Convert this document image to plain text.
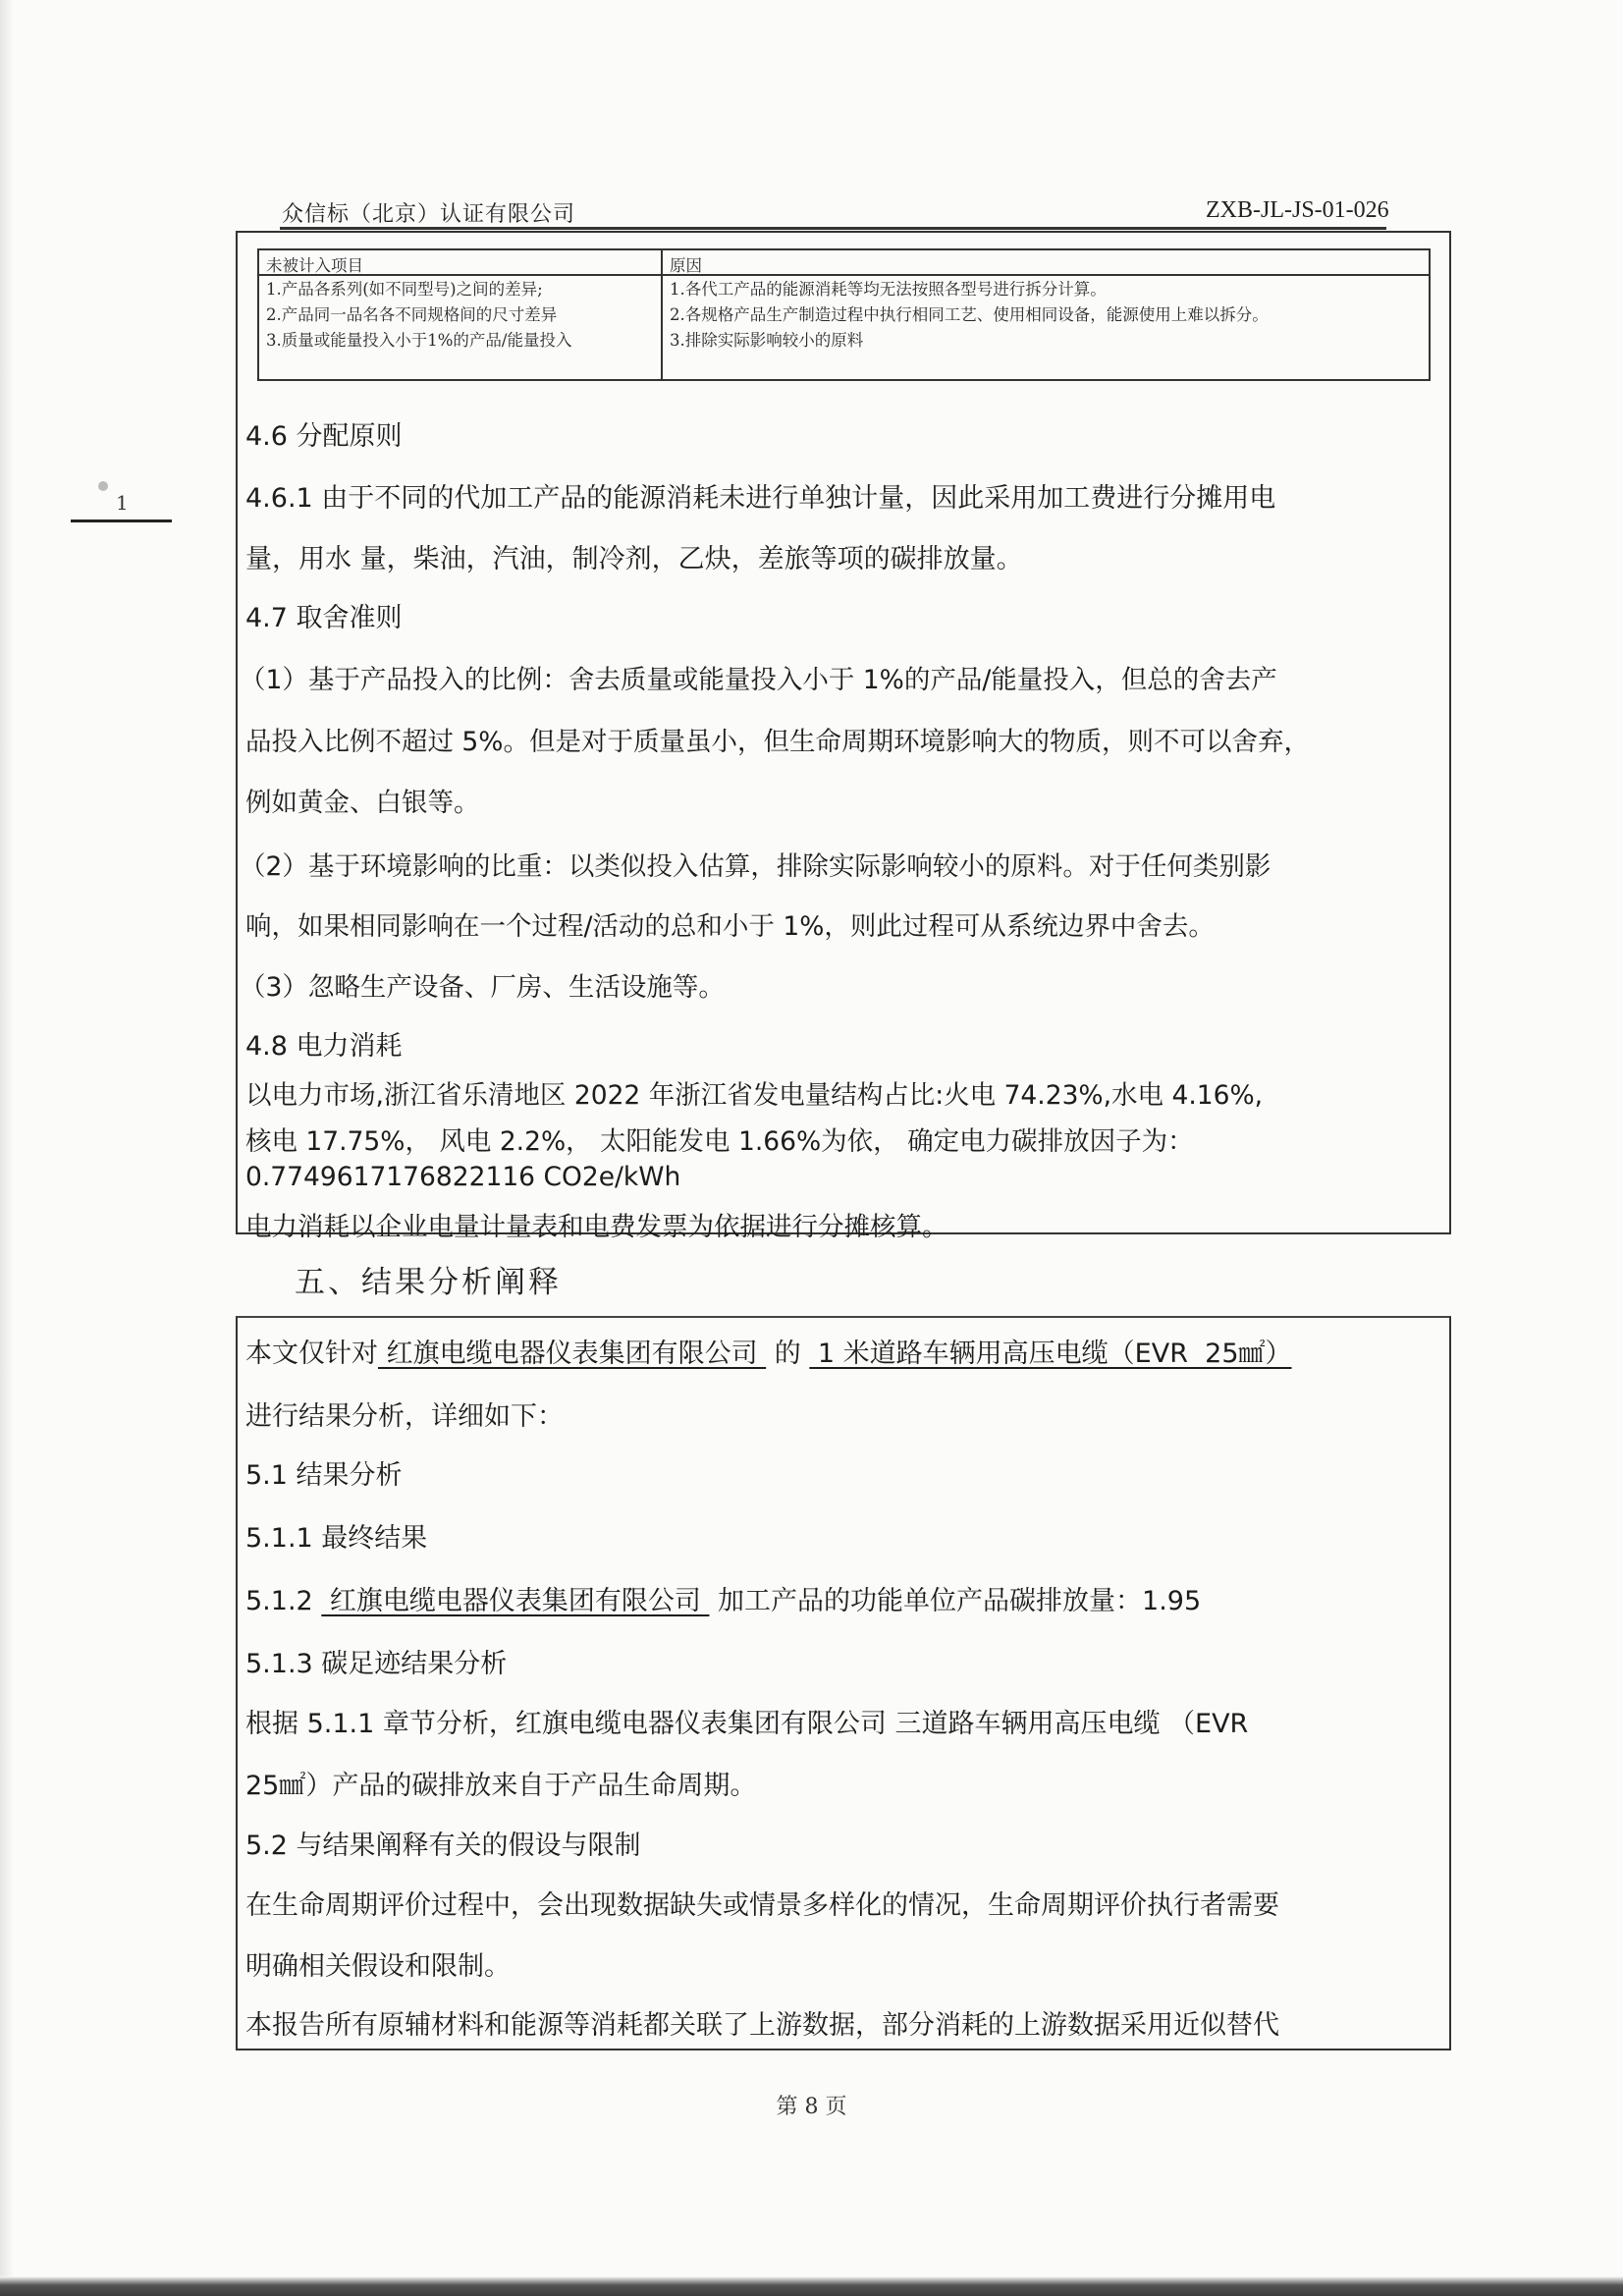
众信标（北京）认证有限公司	ZXB-JL-JS-01-026
1
未被计入项目	原因
1.产品各系列(如不同型号)之间的差异;
2.产品同一品名各不同规格间的尺寸差异
3.质量或能量投入小于1%的产品/能量投入
1.各代工产品的能源消耗等均无法按照各型号进行拆分计算。
2.各规格产品生产制造过程中执行相同工艺、使用相同设备，能源使用上难以拆分。
3.排除实际影响较小的原料
4.6 分配原则
4.6.1 由于不同的代加工产品的能源消耗未进行单独计量，因此采用加工费进行分摊用电
量，用水 量，柴油，汽油，制冷剂，乙炔，差旅等项的碳排放量。
4.7 取舍准则
（1）基于产品投入的比例：舍去质量或能量投入小于 1%的产品/能量投入，但总的舍去产
品投入比例不超过 5%。但是对于质量虽小，但生命周期环境影响大的物质，则不可以舍弃，
例如黄金、白银等。
（2）基于环境影响的比重：以类似投入估算，排除实际影响较小的原料。对于任何类别影
响，如果相同影响在一个过程/活动的总和小于 1%，则此过程可从系统边界中舍去。
（3）忽略生产设备、厂房、生活设施等。
4.8 电力消耗
以电力市场,浙江省乐清地区 2022 年浙江省发电量结构占比:火电 74.23%,水电 4.16%,
核电 17.75%， 风电 2.2%， 太阳能发电 1.66%为依， 确定电力碳排放因子为：
0.7749617176822116 CO2e/kWh
电力消耗以企业电量计量表和电费发票为依据进行分摊核算。
五、结果分析阐释
本文仅针对 红旗电缆电器仪表集团有限公司  的  1 米道路车辆用高压电缆（EVR  25㎟）
进行结果分析，详细如下：
5.1 结果分析
5.1.1 最终结果
5.1.2  红旗电缆电器仪表集团有限公司  加工产品的功能单位产品碳排放量：1.95
5.1.3 碳足迹结果分析
根据 5.1.1 章节分析，红旗电缆电器仪表集团有限公司 三道路车辆用高压电缆 （EVR
25㎟）产品的碳排放来自于产品生命周期。
5.2 与结果阐释有关的假设与限制
在生命周期评价过程中，会出现数据缺失或情景多样化的情况，生命周期评价执行者需要
明确相关假设和限制。
本报告所有原辅材料和能源等消耗都关联了上游数据，部分消耗的上游数据采用近似替代
第 8 页
